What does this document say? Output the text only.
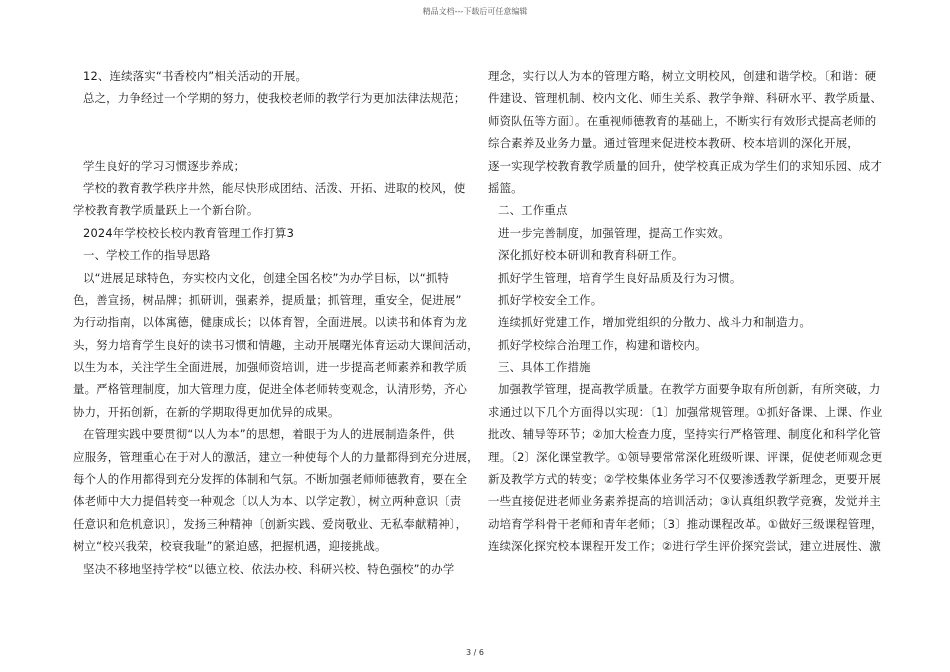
精品文档---下载后可任意编辑
12、连续落实“书香校内”相关活动的开展。
总之，力争经过一个学期的努力，使我校老师的教学行为更加法律法规范；
学生良好的学习习惯逐步养成；
学校的教育教学秩序井然，能尽快形成团结、活泼、开拓、进取的校风，使
学校教育教学质量跃上一个新台阶。
2024年学校校长校内教育管理工作打算3
一、学校工作的指导思路
以“进展足球特色，夯实校内文化，创建全国名校”为办学目标，以“抓特
色，善宣扬，树品牌；抓研训，强素养，提质量；抓管理，重安全，促进展”
为行动指南，以体寓德，健康成长；以体育智，全面进展。以读书和体育为龙
头，努力培育学生良好的读书习惯和情趣，主动开展曙光体育运动大课间活动，
以生为本，关注学生全面进展，加强师资培训，进一步提高老师素养和教学质
量。严格管理制度，加大管理力度，促进全体老师转变观念，认清形势，齐心
协力，开拓创新，在新的学期取得更加优异的成果。
在管理实践中要贯彻“以人为本”的思想，着眼于为人的进展制造条件，供
应服务，管理重心在于对人的激活，建立一种使每个人的力量都得到充分进展，
每个人的作用都得到充分发挥的体制和气氛。不断加强老师师德教育，要在全
体老师中大力提倡转变一种观念〔以人为本、以学定教〕，树立两种意识〔责
任意识和危机意识〕，发扬三种精神〔创新实践、爱岗敬业、无私奉献精神〕，
树立“校兴我荣，校衰我耻”的紧迫感，把握机遇，迎接挑战。
坚决不移地坚持学校“以德立校、依法办校、科研兴校、特色强校”的办学
理念，实行以人为本的管理方略，树立文明校风，创建和谐学校。〔和谐：硬
件建设、管理机制、校内文化、师生关系、教学争辩、科研水平、教学质量、
师资队伍等方面〕。在重视师德教育的基础上，不断实行有效形式提高老师的
综合素养及业务力量。通过管理来促进校本教研、校本培训的深化开展，
逐一实现学校教育教学质量的回升，使学校真正成为学生们的求知乐园、成才
摇篮。
二、工作重点
进一步完善制度，加强管理，提高工作实效。
深化抓好校本研训和教育科研工作。
抓好学生管理，培育学生良好品质及行为习惯。
抓好学校安全工作。
连续抓好党建工作，增加党组织的分散力、战斗力和制造力。
抓好学校综合治理工作，构建和谐校内。
三、具体工作措施
加强教学管理，提高教学质量。在教学方面要争取有所创新，有所突破，力
求通过以下几个方面得以实现：〔1〕加强常规管理。①抓好备课、上课、作业
批改、辅导等环节；②加大检查力度，坚持实行严格管理、制度化和科学化管
理。〔2〕深化课堂教学。①领导要常常深化班级听课、评课，促使老师观念更
新及教学方式的转变；②学校集体业务学习不仅要渗透教学新理念，更要开展
一些直接促进老师业务素养提高的培训活动；③认真组织教学竞赛，发觉并主
动培育学科骨干老师和青年老师；〔3〕推动课程改革。①做好三级课程管理，
连续深化探究校本课程开发工作；②进行学生评价探究尝试，建立进展性、激
3 / 6
